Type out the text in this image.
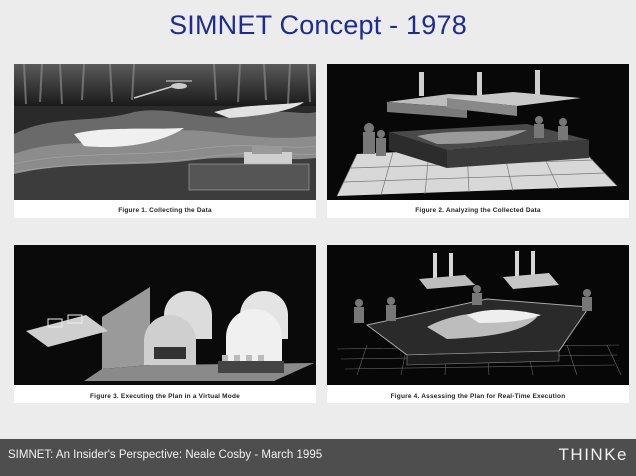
SIMNET Concept - 1978
Figure 1. Collecting the Data	Figure 2. Analyzing the Collected Data
Figure 3. Executing the Plan in a Virtual Mode	Figure 4. Assessing the Plan for Real-Time Execution
SIMNET: An Insider's Perspective: Neale Cosby - March 1995	THINKe
